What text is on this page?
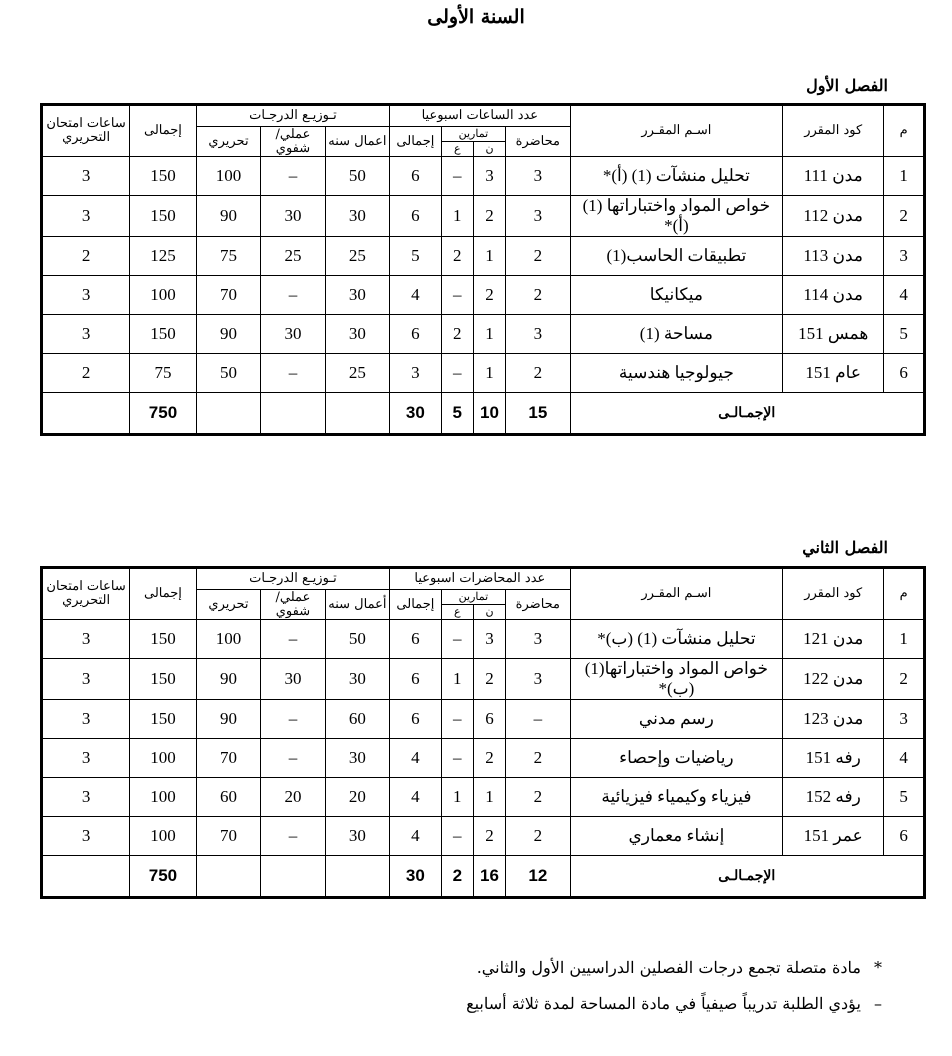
السنة الأولى
الفصل الأول
م	كود المقرر	اسـم المقـرر	عدد الساعات اسبوعيا				تـوزيـع الدرجـات			إجمالى	ساعات امتحان التحريري
			محاضرة	تمارين		إجمالى	اعمال سنه	عملي/ شفوي	تحريري		
				ن	ع						
1	مدن 111	تحليل منشآت (1) (أ)*	3	3	–	6	50	–	100	150	3
2	مدن 112	خواص المواد واختباراتها (1) (أ)*	3	2	1	6	30	30	90	150	3
3	مدن 113	تطبيقات الحاسب(1)	2	1	2	5	25	25	75	125	2
4	مدن 114	ميكانيكا	2	2	–	4	30	–	70	100	3
5	همس 151	مساحة (1)	3	1	2	6	30	30	90	150	3
6	عام 151	جيولوجيا هندسية	2	1	–	3	25	–	50	75	2
الإجمـالـى			15	10	5	30				750	
الفصل الثاني
م	كود المقرر	اسـم المقـرر	عدد المحاضرات اسبوعيا				تـوزيـع الدرجـات			إجمالى	ساعات امتحان التحريري
			محاضرة	تمارين		إجمالى	أعمال سنه	عملي/ شفوي	تحريري		
				ن	ع						
1	مدن 121	تحليل منشآت (1) (ب)*	3	3	–	6	50	–	100	150	3
2	مدن 122	خواص المواد واختباراتها(1)(ب)*	3	2	1	6	30	30	90	150	3
3	مدن 123	رسم مدني	–	6	–	6	60	–	90	150	3
4	رفه 151	رياضيات وإحصاء	2	2	–	4	30	–	70	100	3
5	رفه 152	فيزياء وكيمياء فيزيائية	2	1	1	4	20	20	60	100	3
6	عمر 151	إنشاء معماري	2	2	–	4	30	–	70	100	3
الإجمـالـى			12	16	2	30				750	

* مادة متصلة تجمع درجات الفصلين الدراسيين الأول والثاني.

– يؤدي الطلبة تدريباً صيفياً في مادة المساحة لمدة ثلاثة أسابيع
